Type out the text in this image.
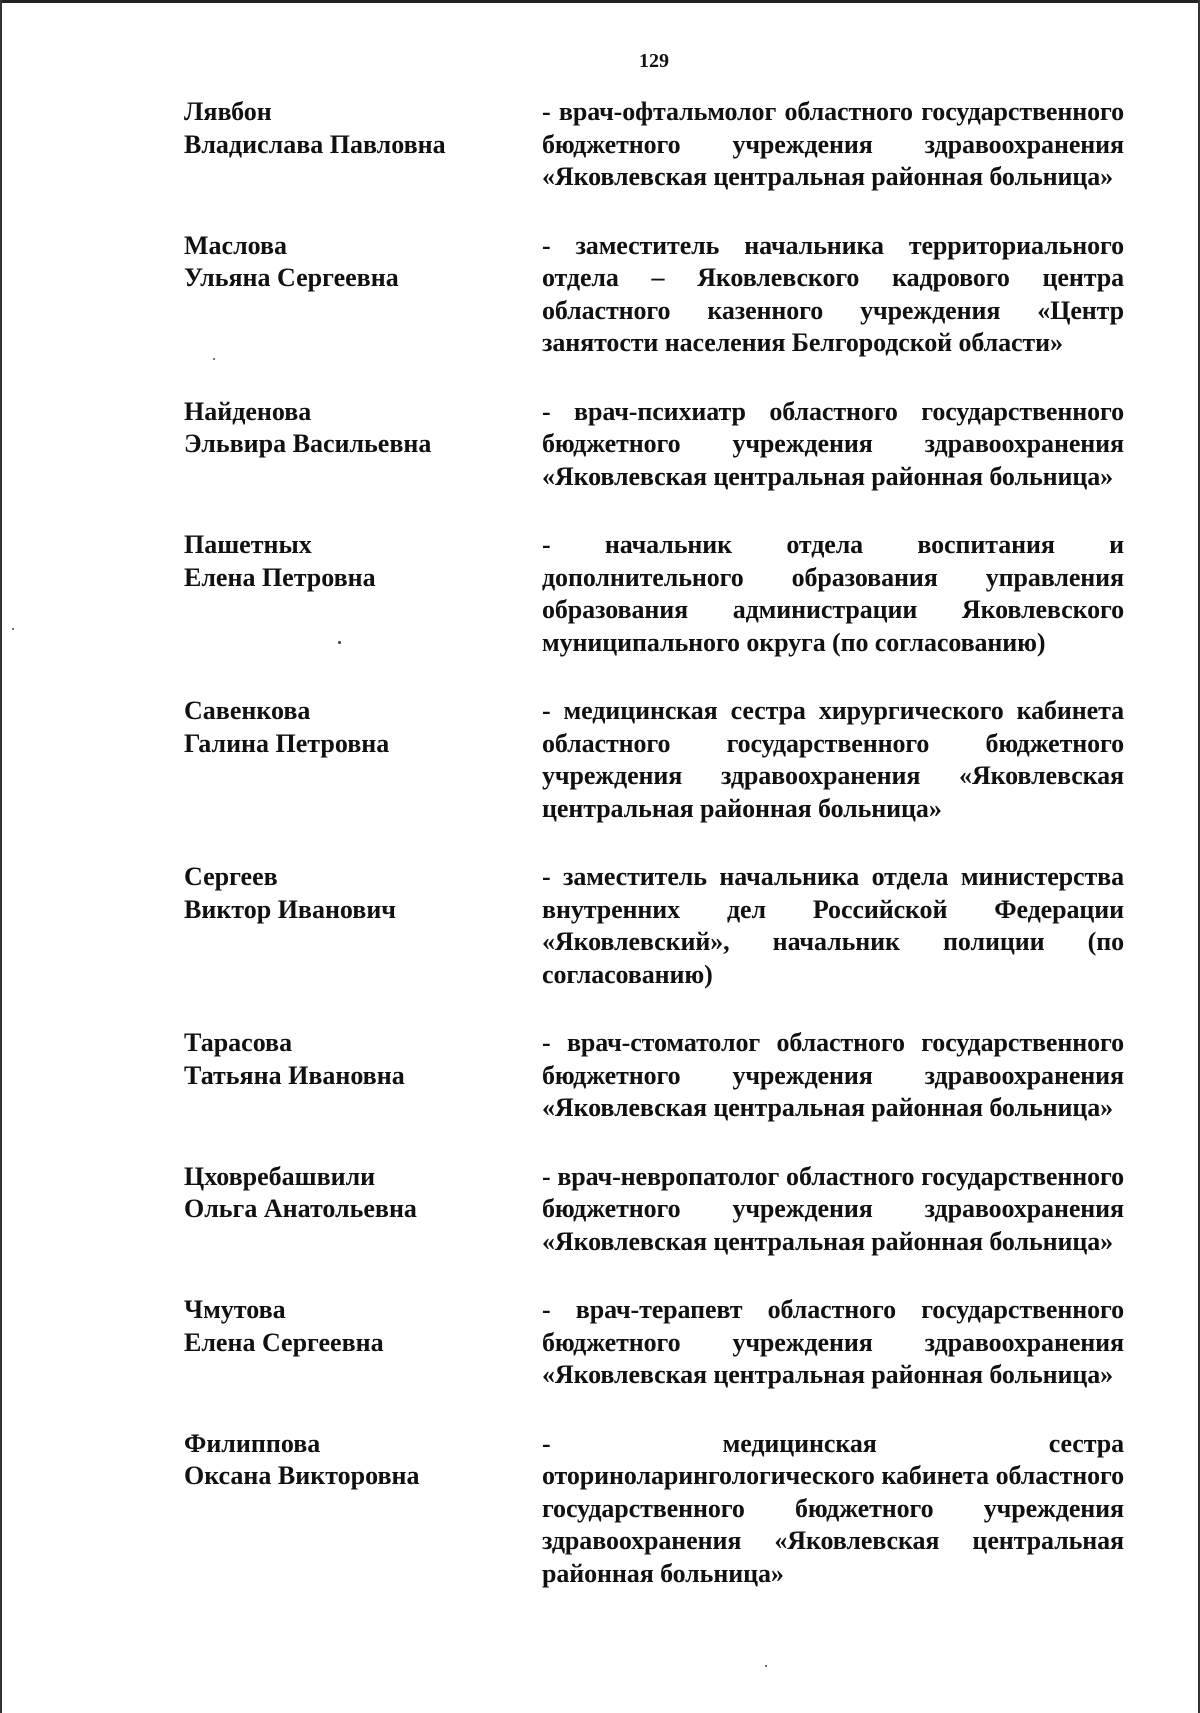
129
Лявбон
Владислава Павловна
- врач-офтальмолог областного государственного бюджетного учреждения здравоохранения «Яковлевская центральная районная больница»
Маслова
Ульяна Сергеевна
- заместитель начальника территориального отдела – Яковлевского кадрового центра областного казенного учреждения «Центр занятости населения Белгородской области»
Найденова
Эльвира Васильевна
- врач-психиатр областного государственного бюджетного учреждения здравоохранения «Яковлевская центральная районная больница»
Пашетных
Елена Петровна
- начальник отдела воспитания и дополнительного образования управления образования администрации Яковлевского муниципального округа (по согласованию)
Савенкова
Галина Петровна
- медицинская сестра хирургического кабинета областного государственного бюджетного учреждения здравоохранения «Яковлевская центральная районная больница»
Сергеев
Виктор Иванович
- заместитель начальника отдела министерства внутренних дел Российской Федерации «Яковлевский», начальник полиции (по согласованию)
Тарасова
Татьяна Ивановна
- врач-стоматолог областного государственного бюджетного учреждения здравоохранения «Яковлевская центральная районная больница»
Цховребашвили
Ольга Анатольевна
- врач-невропатолог областного государственного бюджетного учреждения здравоохранения «Яковлевская центральная районная больница»
Чмутова
Елена Сергеевна
- врач-терапевт областного государственного бюджетного учреждения здравоохранения «Яковлевская центральная районная больница»
Филиппова
Оксана Викторовна
- медицинская сестра оториноларингологического кабинета областного государственного бюджетного учреждения здравоохранения «Яковлевская центральная районная больница»
